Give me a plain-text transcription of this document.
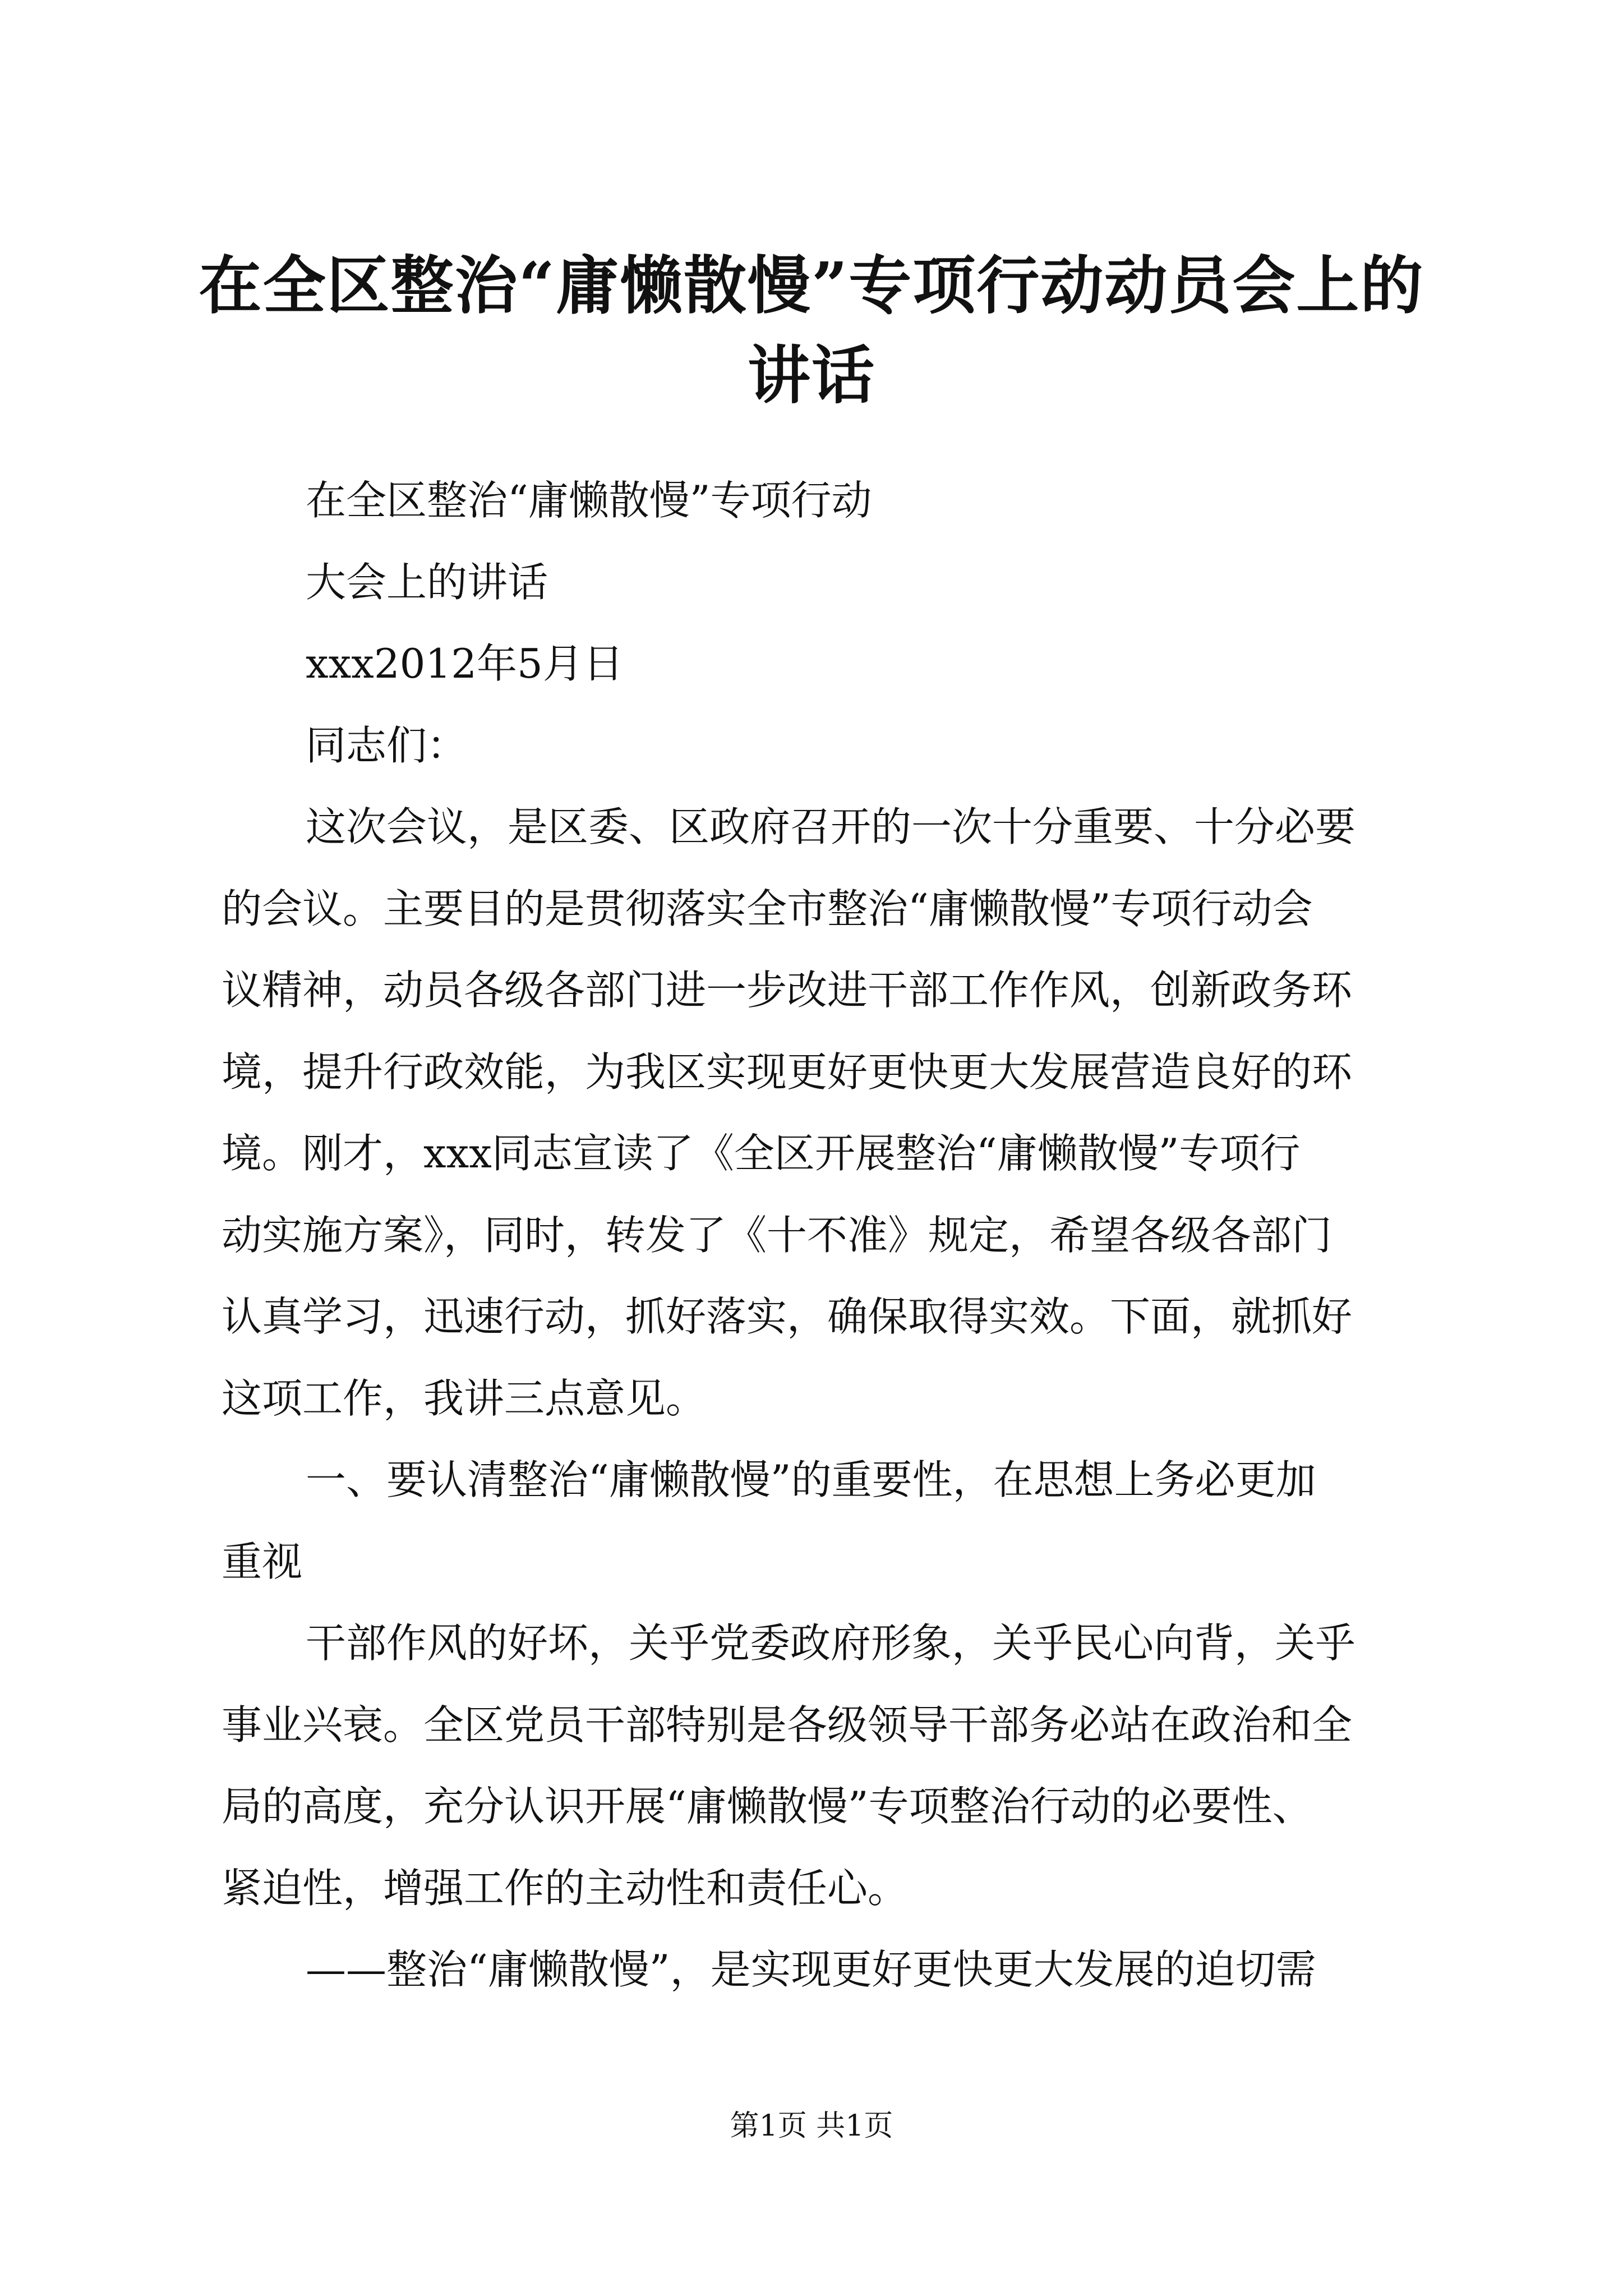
在全区整治“庸懒散慢”专项行动动员会上的
讲话
在全区整治“庸懒散慢”专项行动
大会上的讲话
xxx2012年5月日
同志们：
这次会议，是区委、区政府召开的一次十分重要、十分必要
的会议。主要目的是贯彻落实全市整治“庸懒散慢”专项行动会
议精神，动员各级各部门进一步改进干部工作作风，创新政务环
境，提升行政效能，为我区实现更好更快更大发展营造良好的环
境。刚才，xxx同志宣读了《全区开展整治“庸懒散慢”专项行
动实施方案》，同时，转发了《十不准》规定，希望各级各部门
认真学习，迅速行动，抓好落实，确保取得实效。下面，就抓好
这项工作，我讲三点意见。
一、要认清整治“庸懒散慢”的重要性，在思想上务必更加
重视
干部作风的好坏，关乎党委政府形象，关乎民心向背，关乎
事业兴衰。全区党员干部特别是各级领导干部务必站在政治和全
局的高度，充分认识开展“庸懒散慢”专项整治行动的必要性、
紧迫性，增强工作的主动性和责任心。
——整治“庸懒散慢”，是实现更好更快更大发展的迫切需
第1页 共1页
